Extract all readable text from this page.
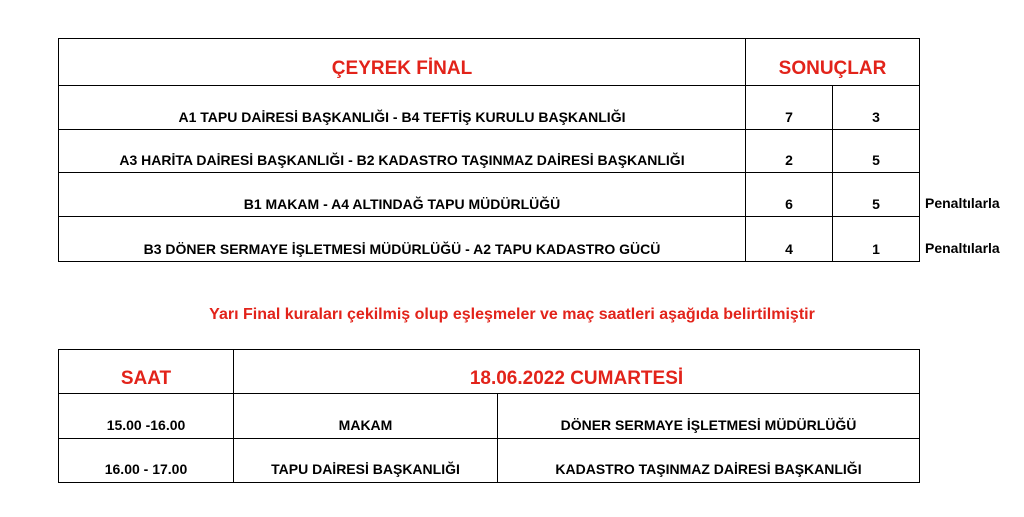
ÇEYREK FİNAL	SONUÇLAR
A1 TAPU DAİRESİ BAŞKANLIĞI - B4 TEFTİŞ KURULU BAŞKANLIĞI	7	3
A3 HARİTA DAİRESİ BAŞKANLIĞI - B2 KADASTRO TAŞINMAZ DAİRESİ BAŞKANLIĞI	2	5
B1 MAKAM - A4 ALTINDAĞ TAPU MÜDÜRLÜĞÜ	6	5	Penaltılarla
B3 DÖNER SERMAYE İŞLETMESİ MÜDÜRLÜĞÜ - A2 TAPU KADASTRO GÜCÜ	4	1	Penaltılarla
Yarı Final kuraları çekilmiş olup eşleşmeler ve maç saatleri aşağıda belirtilmiştir
SAAT	18.06.2022 CUMARTESİ
15.00 -16.00	MAKAM	DÖNER SERMAYE İŞLETMESİ MÜDÜRLÜĞÜ
16.00 - 17.00	TAPU DAİRESİ BAŞKANLIĞI	KADASTRO TAŞINMAZ DAİRESİ BAŞKANLIĞI
